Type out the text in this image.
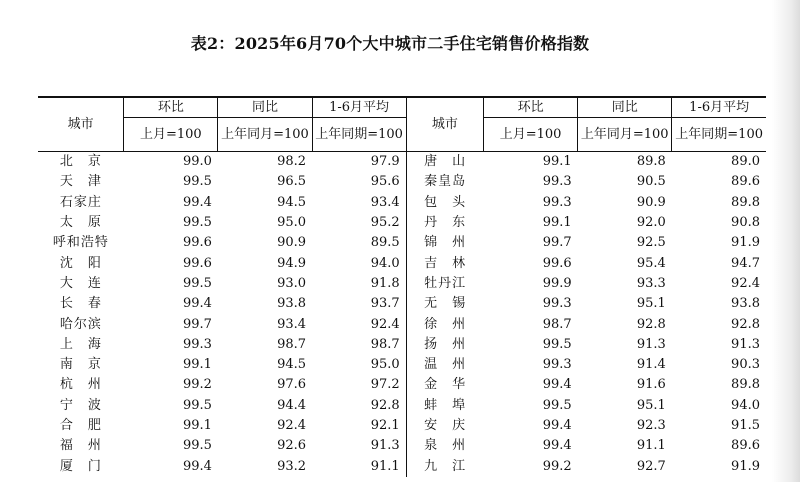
表2：2025年6月70个大中城市二手住宅销售价格指数
城市	环比	同比	1-6月平均	城市	环比	同比	1-6月平均
	上月=100	上年同月=100	上年同期=100		上月=100	上年同月=100	上年同期=100
北　京	99.0	98.2	97.9	唐　山	99.1	89.8	89.0
天　津	99.5	96.5	95.6	秦皇岛	99.3	90.5	89.6
石家庄	99.4	94.5	93.4	包　头	99.3	90.9	89.8
太　原	99.5	95.0	95.2	丹　东	99.1	92.0	90.8
呼和浩特	99.6	90.9	89.5	锦　州	99.7	92.5	91.9
沈　阳	99.6	94.9	94.0	吉　林	99.6	95.4	94.7
大　连	99.5	93.0	91.8	牡丹江	99.9	93.3	92.4
长　春	99.4	93.8	93.7	无　锡	99.3	95.1	93.8
哈尔滨	99.7	93.4	92.4	徐　州	98.7	92.8	92.8
上　海	99.3	98.7	98.7	扬　州	99.5	91.3	91.3
南　京	99.1	94.5	95.0	温　州	99.3	91.4	90.3
杭　州	99.2	97.6	97.2	金　华	99.4	91.6	89.8
宁　波	99.5	94.4	92.8	蚌　埠	99.5	95.1	94.0
合　肥	99.1	92.4	92.1	安　庆	99.4	92.3	91.5
福　州	99.5	92.6	91.3	泉　州	99.4	91.1	89.6
厦　门	99.4	93.2	91.1	九　江	99.2	92.7	91.9
